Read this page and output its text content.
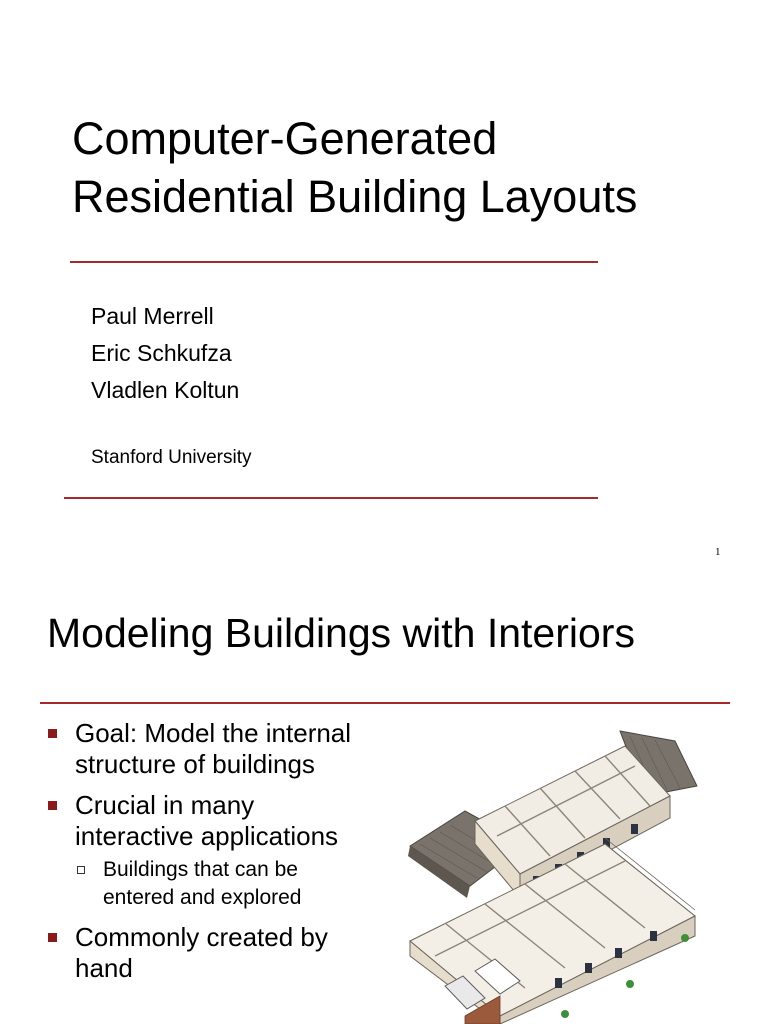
Computer-Generated
Residential Building Layouts
Paul Merrell
Eric Schkufza
Vladlen Koltun
Stanford University
1
Modeling Buildings with Interiors
Goal: Model the internal
structure of buildings
Crucial in many
interactive applications
Buildings that can be
entered and explored
Commonly created by
hand
